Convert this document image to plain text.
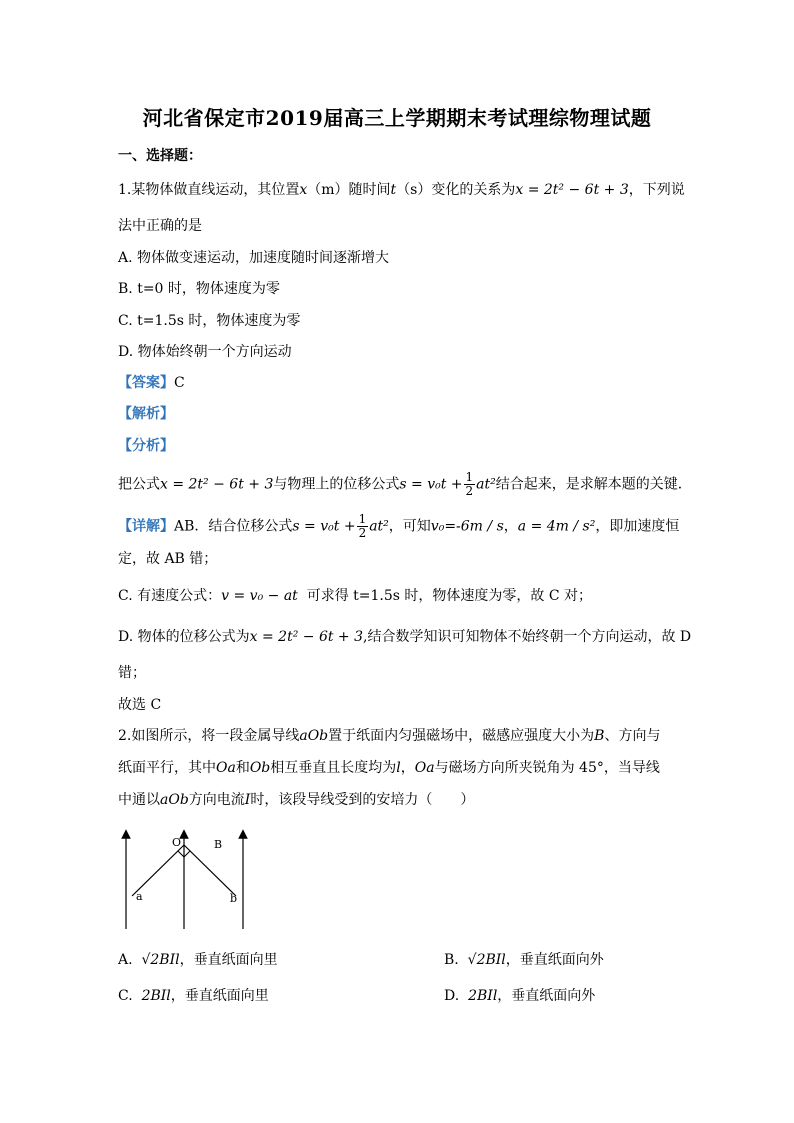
河北省保定市2019届高三上学期期末考试理综物理试题
一、选择题：
1.某物体做直线运动，其位置x（m）随时间t（s）变化的关系为x = 2t² − 6t + 3，下列说
法中正确的是
A. 物体做变速运动，加速度随时间逐渐增大
B. t=0 时，物体速度为零
C. t=1.5s 时，物体速度为零
D. 物体始终朝一个方向运动
【答案】C
【解析】
【分析】
把公式x = 2t² − 6t + 3与物理上的位移公式$s = v_0t + \frac{1}{2} at^2$结合起来，是求解本题的关键．
【详解】AB．结合位移公式$s = v_0t + \frac{1}{2} at^2$，可知v₀=-6m / s，a = 4m / s²，即加速度恒
定，故 AB 错；
C. 有速度公式：v = v₀ − at 可求得 t=1.5s 时，物体速度为零，故 C 对；
D. 物体的位移公式为x = 2t² − 6t + 3,结合数学知识可知物体不始终朝一个方向运动，故 D
错；
故选 C
2.如图所示，将一段金属导线aOb置于纸面内匀强磁场中，磁感应强度大小为B、方向与
纸面平行，其中Oa和Ob相互垂直且长度均为l，Oa与磁场方向所夹锐角为 45°，当导线
中通以aOb方向电流I时，该段导线受到的安培力（　　）
O	B
a	b
A. √2BIl，垂直纸面向里	B. √2BIl，垂直纸面向外
C. 2BIl，垂直纸面向里	D. 2BIl，垂直纸面向外
